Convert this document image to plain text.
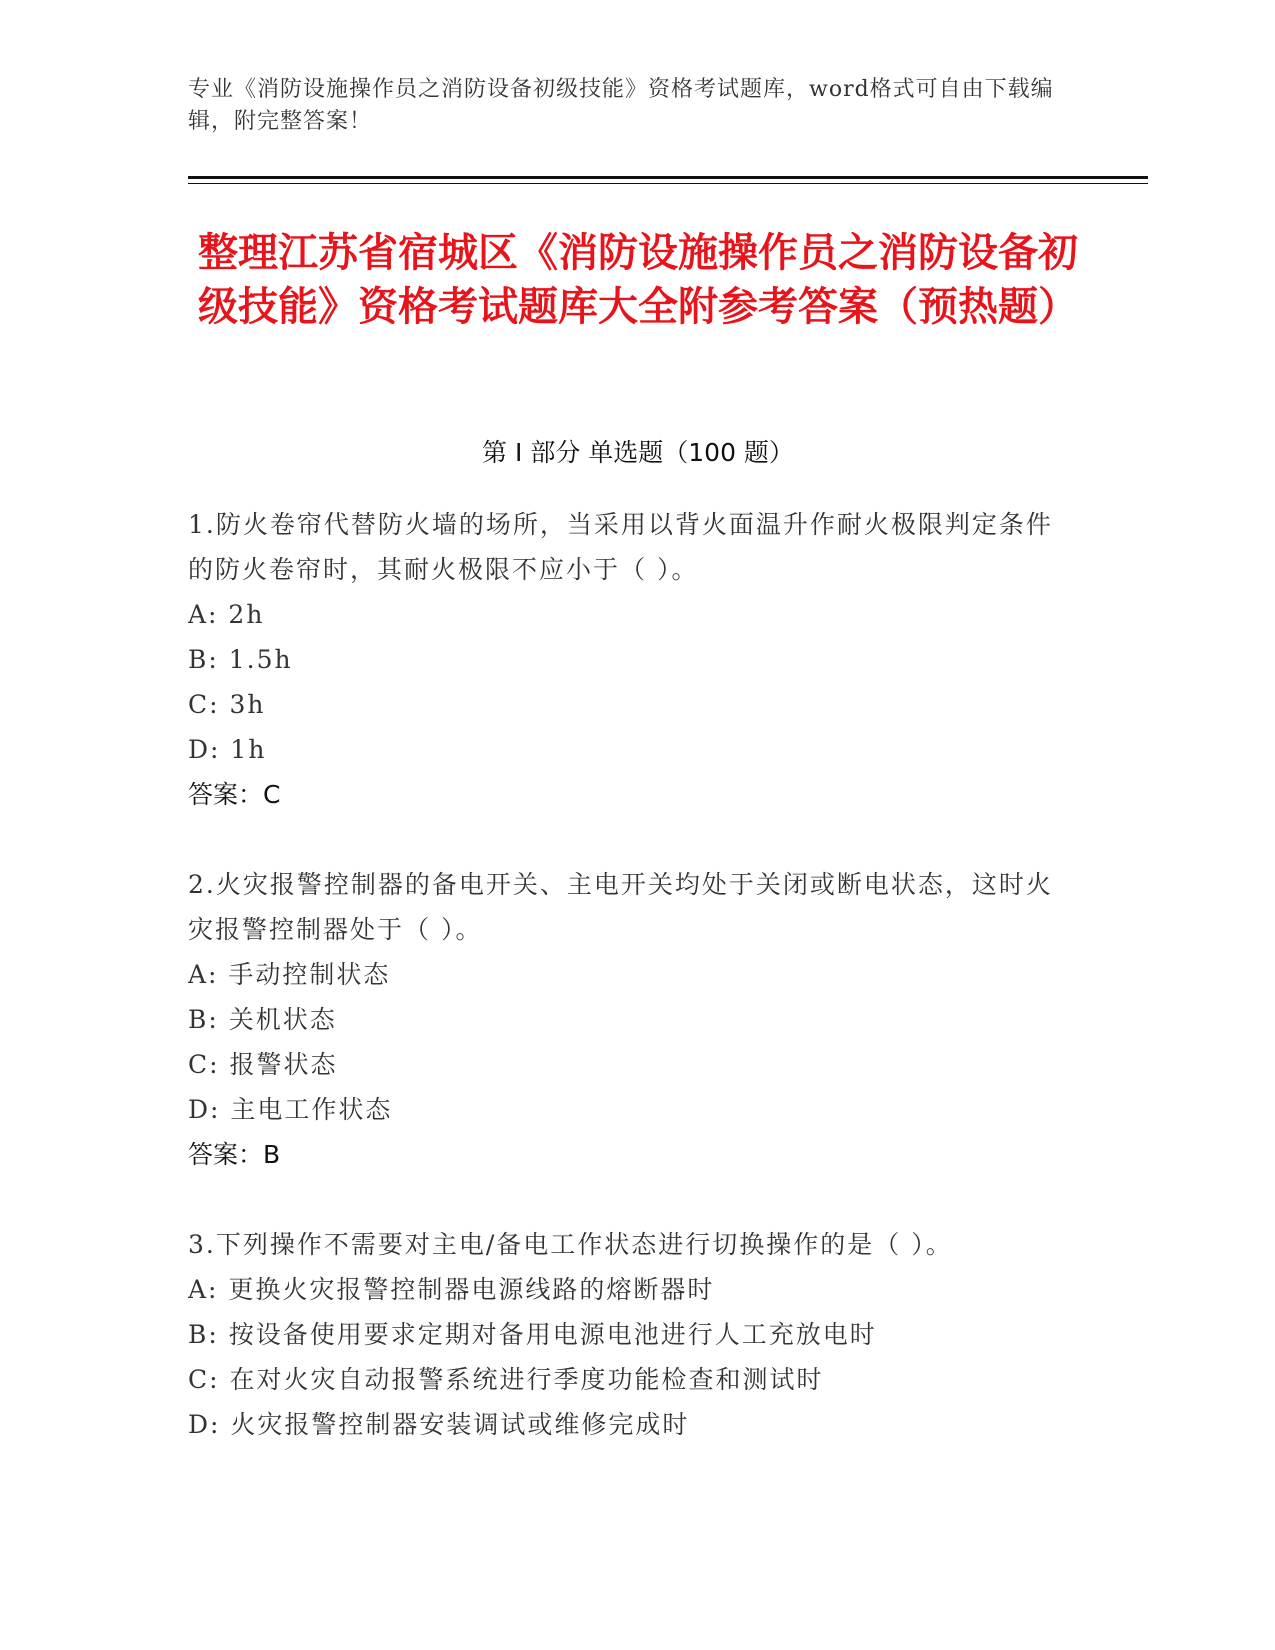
专业《消防设施操作员之消防设备初级技能》资格考试题库，word格式可自由下载编辑，附完整答案！
整理江苏省宿城区《消防设施操作员之消防设备初级技能》资格考试题库大全附参考答案（预热题）
第 I 部分 单选题（100 题）

1.防火卷帘代替防火墙的场所，当采用以背火面温升作耐火极限判定条件的防火卷帘时，其耐火极限不应小于（ ）。

A: 2h

B: 1.5h

C: 3h

D: 1h

答案：C

2.火灾报警控制器的备电开关、主电开关均处于关闭或断电状态，这时火灾报警控制器处于（ ）。

A: 手动控制状态

B: 关机状态

C: 报警状态

D: 主电工作状态

答案：B

3.下列操作不需要对主电/备电工作状态进行切换操作的是（ ）。

A: 更换火灾报警控制器电源线路的熔断器时

B: 按设备使用要求定期对备用电源电池进行人工充放电时

C: 在对火灾自动报警系统进行季度功能检查和测试时

D: 火灾报警控制器安装调试或维修完成时
